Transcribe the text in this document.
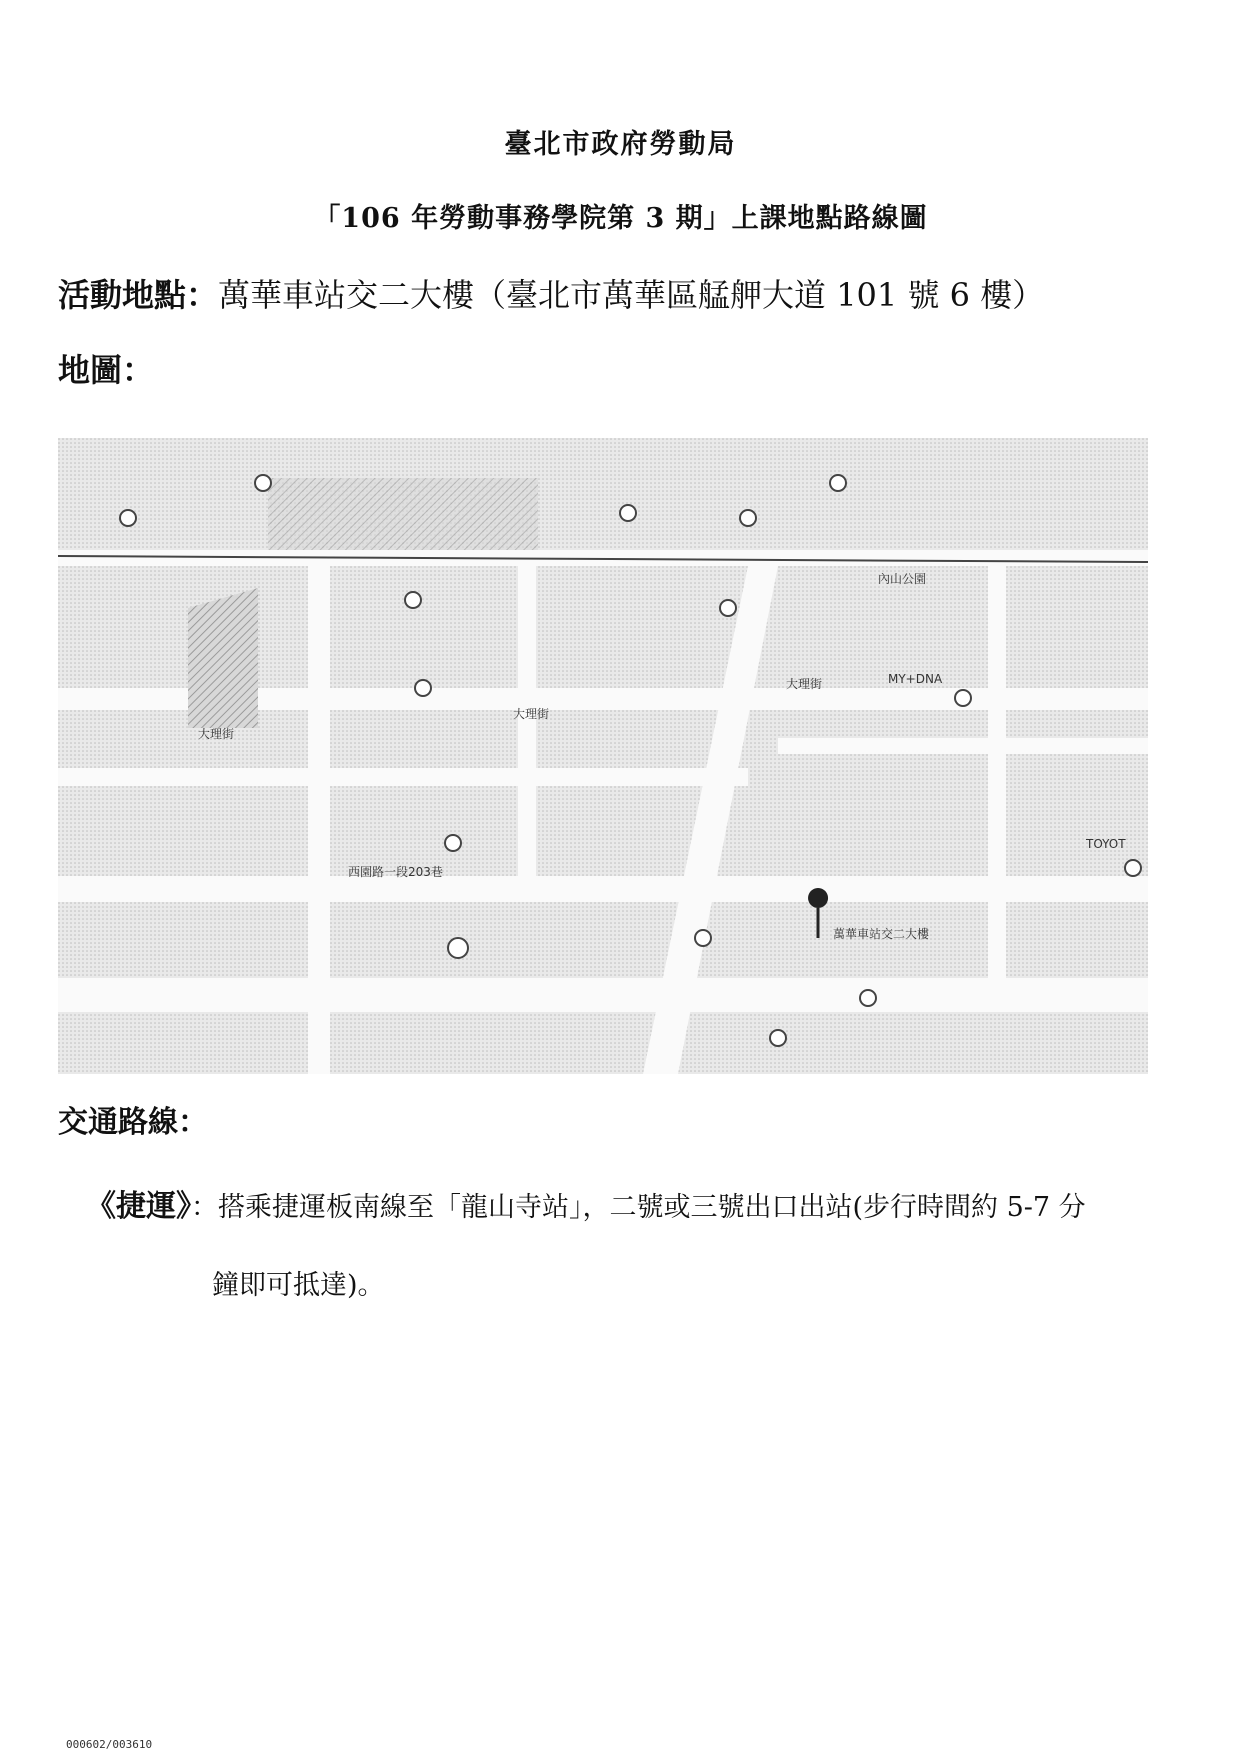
臺北市政府勞動局
「106 年勞動事務學院第 3 期」上課地點路線圖
活動地點：萬華車站交二大樓（臺北市萬華區艋舺大道 101 號 6 樓）
地圖：
內山公園
大理街
大理街
大理街	MY+DNA
TOYOT
西園路一段203巷
萬華車站交二大樓
交通路線：
《捷運》：搭乘捷運板南線至「龍山寺站」，二號或三號出口出站(步行時間約 5-7 分
鐘即可抵達)。
000602/003610
